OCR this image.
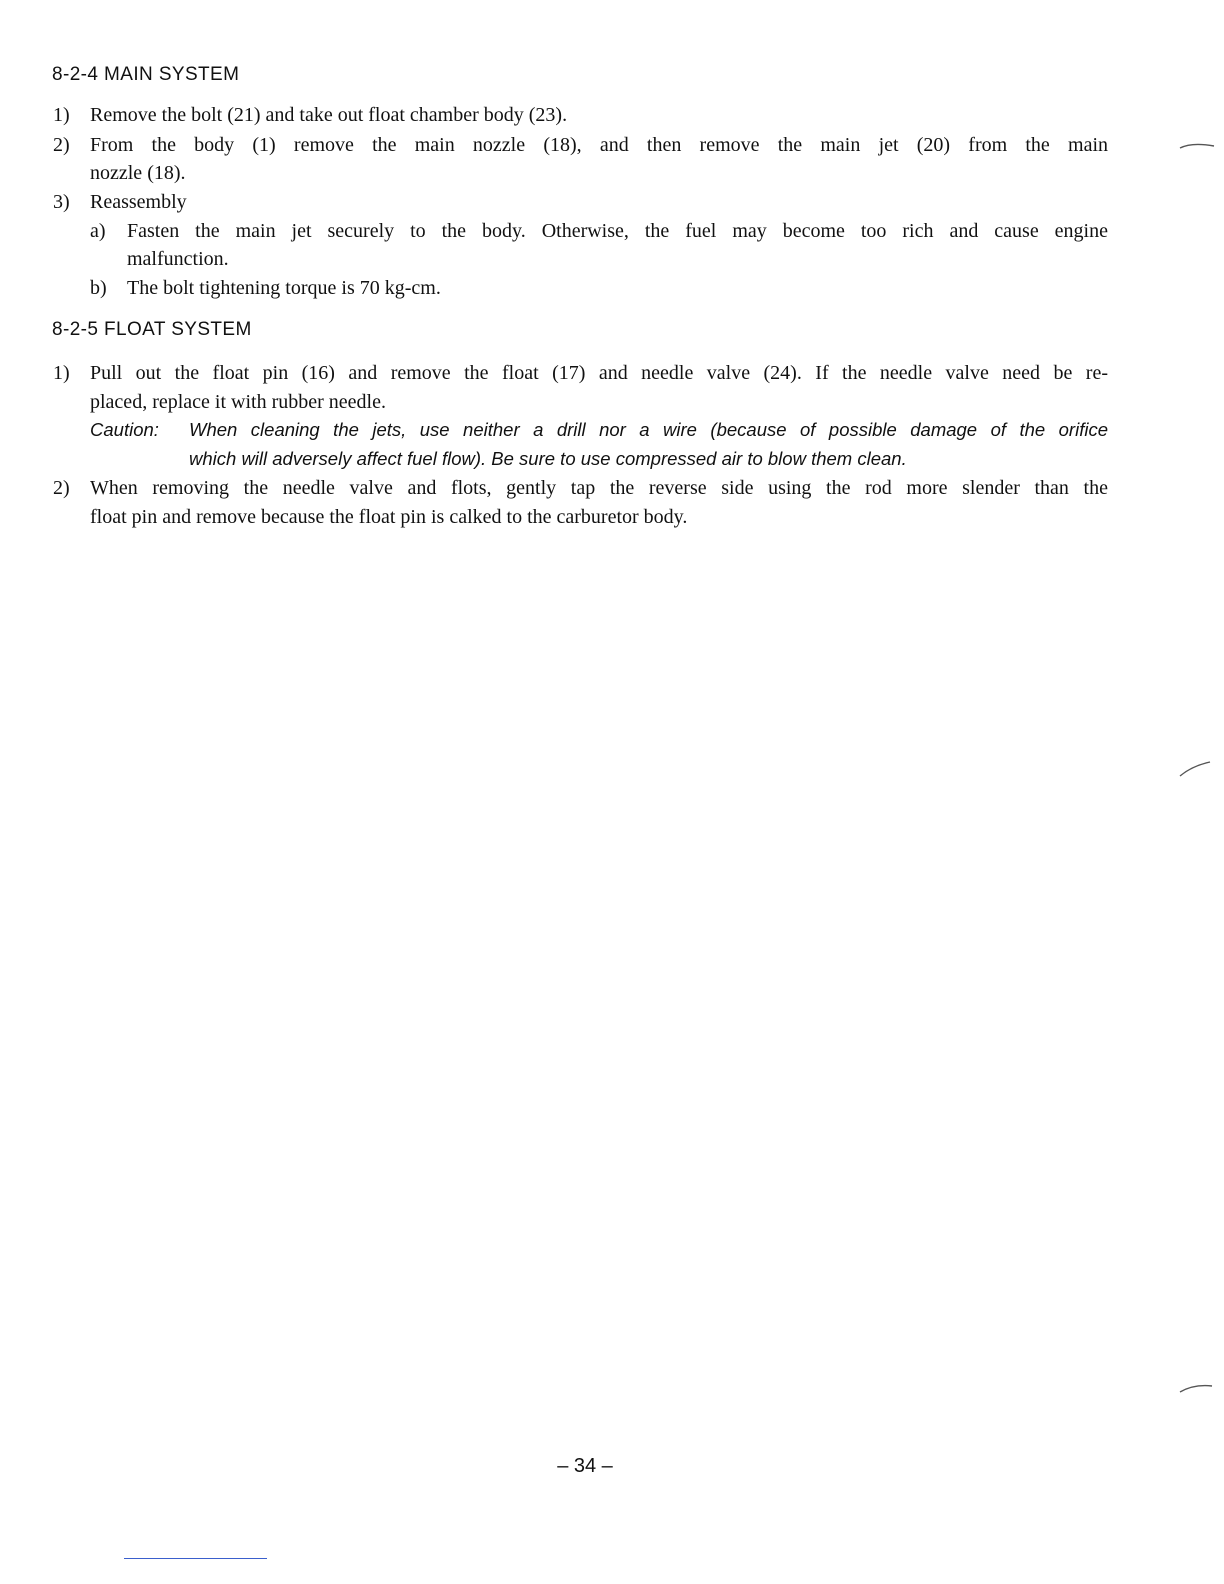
8-2-4 MAIN SYSTEM
1) Remove the bolt (21) and take out float chamber body (23).
2) From the body (1) remove the main nozzle (18), and then remove the main jet (20) from the main
nozzle (18).
3) Reassembly
a) Fasten the main jet securely to the body. Otherwise, the fuel may become too rich and cause engine
malfunction.
b) The bolt tightening torque is 70 kg-cm.
8-2-5 FLOAT SYSTEM
1) Pull out the float pin (16) and remove the float (17) and needle valve (24). If the needle valve need be re-
placed, replace it with rubber needle.
Caution: When cleaning the jets, use neither a drill nor a wire (because of possible damage of the orifice
which will adversely affect fuel flow). Be sure to use compressed air to blow them clean.
2) When removing the needle valve and flots, gently tap the reverse side using the rod more slender than the
float pin and remove because the float pin is calked to the carburetor body.
– 34 –
